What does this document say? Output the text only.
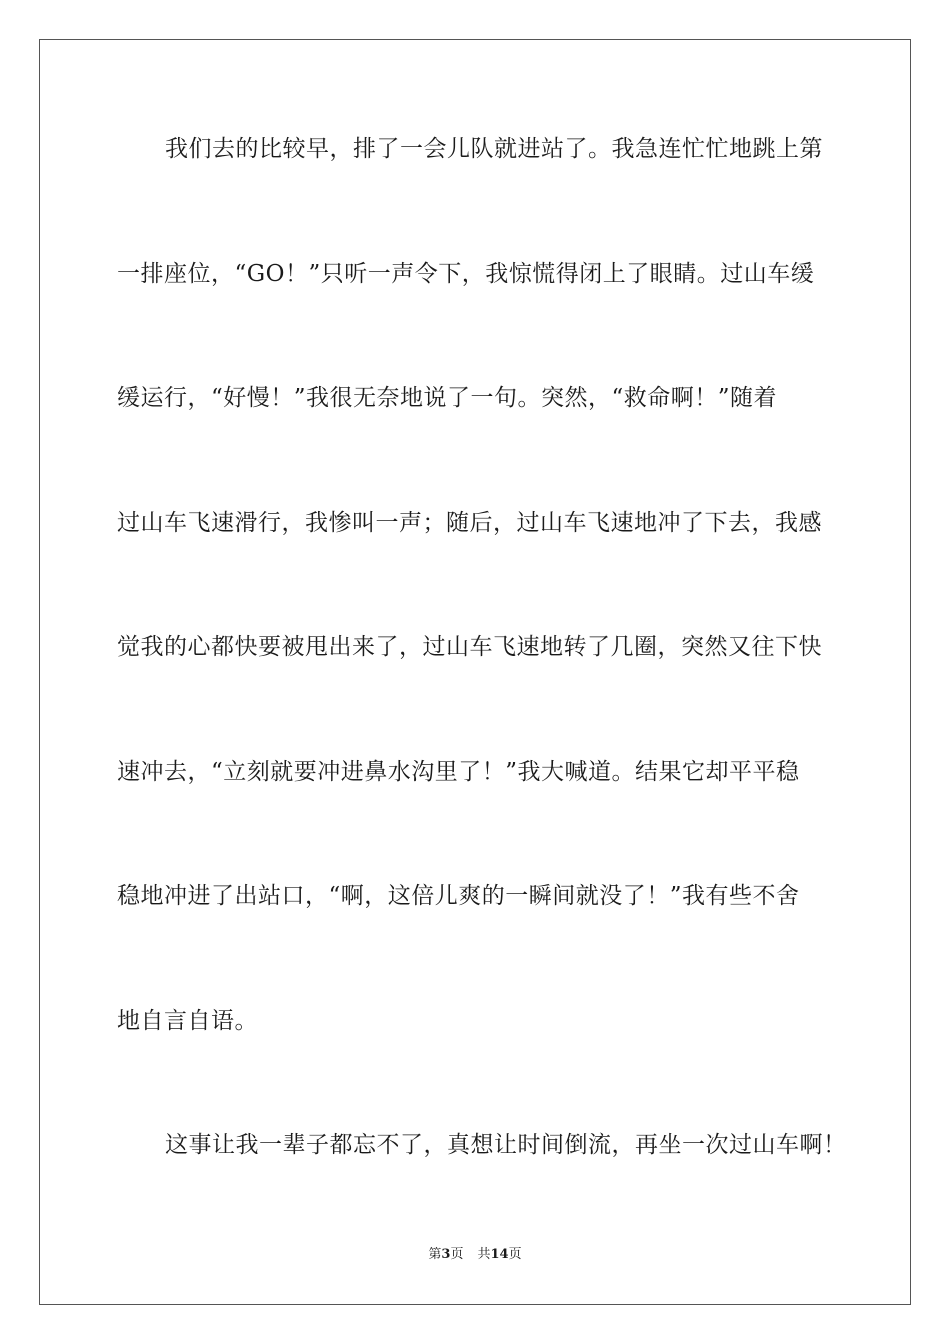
我们去的比较早，排了一会儿队就进站了。我急连忙忙地跳上第
一排座位，“GO！”只听一声令下，我惊慌得闭上了眼睛。过山车缓
缓运行，“好慢！”我很无奈地说了一句。突然，“救命啊！”随着
过山车飞速滑行，我惨叫一声；随后，过山车飞速地冲了下去，我感
觉我的心都快要被甩出来了，过山车飞速地转了几圈，突然又往下快
速冲去，“立刻就要冲进鼻水沟里了！”我大喊道。结果它却平平稳
稳地冲进了出站口，“啊，这倍儿爽的一瞬间就没了！”我有些不舍
地自言自语。
这事让我一辈子都忘不了，真想让时间倒流，再坐一次过山车啊！
第3页 共14页
